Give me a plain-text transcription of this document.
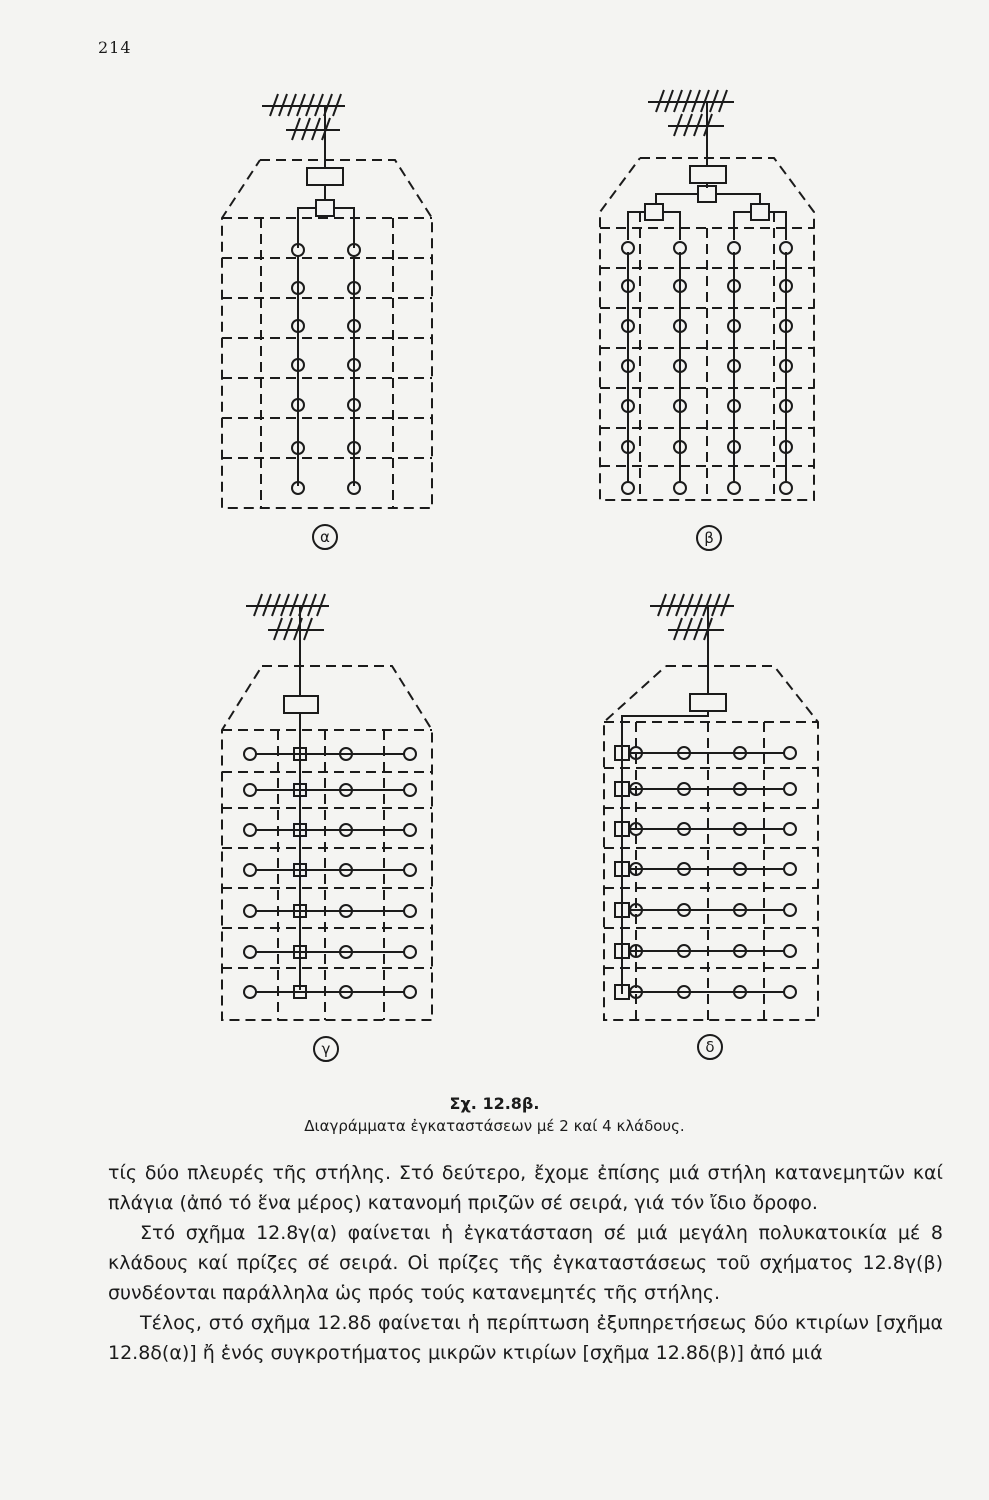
214
α	β
γ	δ
Σχ. 12.8β.
Διαγράμματα ἐγκαταστάσεων μέ 2 καί 4 κλάδους.

τίς δύο πλευρές τῆς στήλης. Στό δεύτερο, ἔχομε ἐπίσης μιά στήλη κατανεμητῶν καί πλάγια (ἀπό τό ἕνα μέρος) κατανομή πριζῶν σέ σειρά, γιά τόν ἴδιο ὄροφο.

Στό σχῆμα 12.8γ(α) φαίνεται ἡ ἐγκατάσταση σέ μιά μεγάλη πολυκατοικία μέ 8 κλάδους καί πρίζες σέ σειρά. Οἱ πρίζες τῆς ἐγκαταστάσεως τοῦ σχήματος 12.8γ(β) συνδέονται παράλληλα ὡς πρός τούς κατανεμητές τῆς στήλης.

Τέλος, στό σχῆμα 12.8δ φαίνεται ἡ περίπτωση ἐξυπηρετήσεως δύο κτιρίων [σχῆμα 12.8δ(α)] ἤ ἑνός συγκροτήματος μικρῶν κτιρίων [σχῆμα 12.8δ(β)] ἀπό μιά
